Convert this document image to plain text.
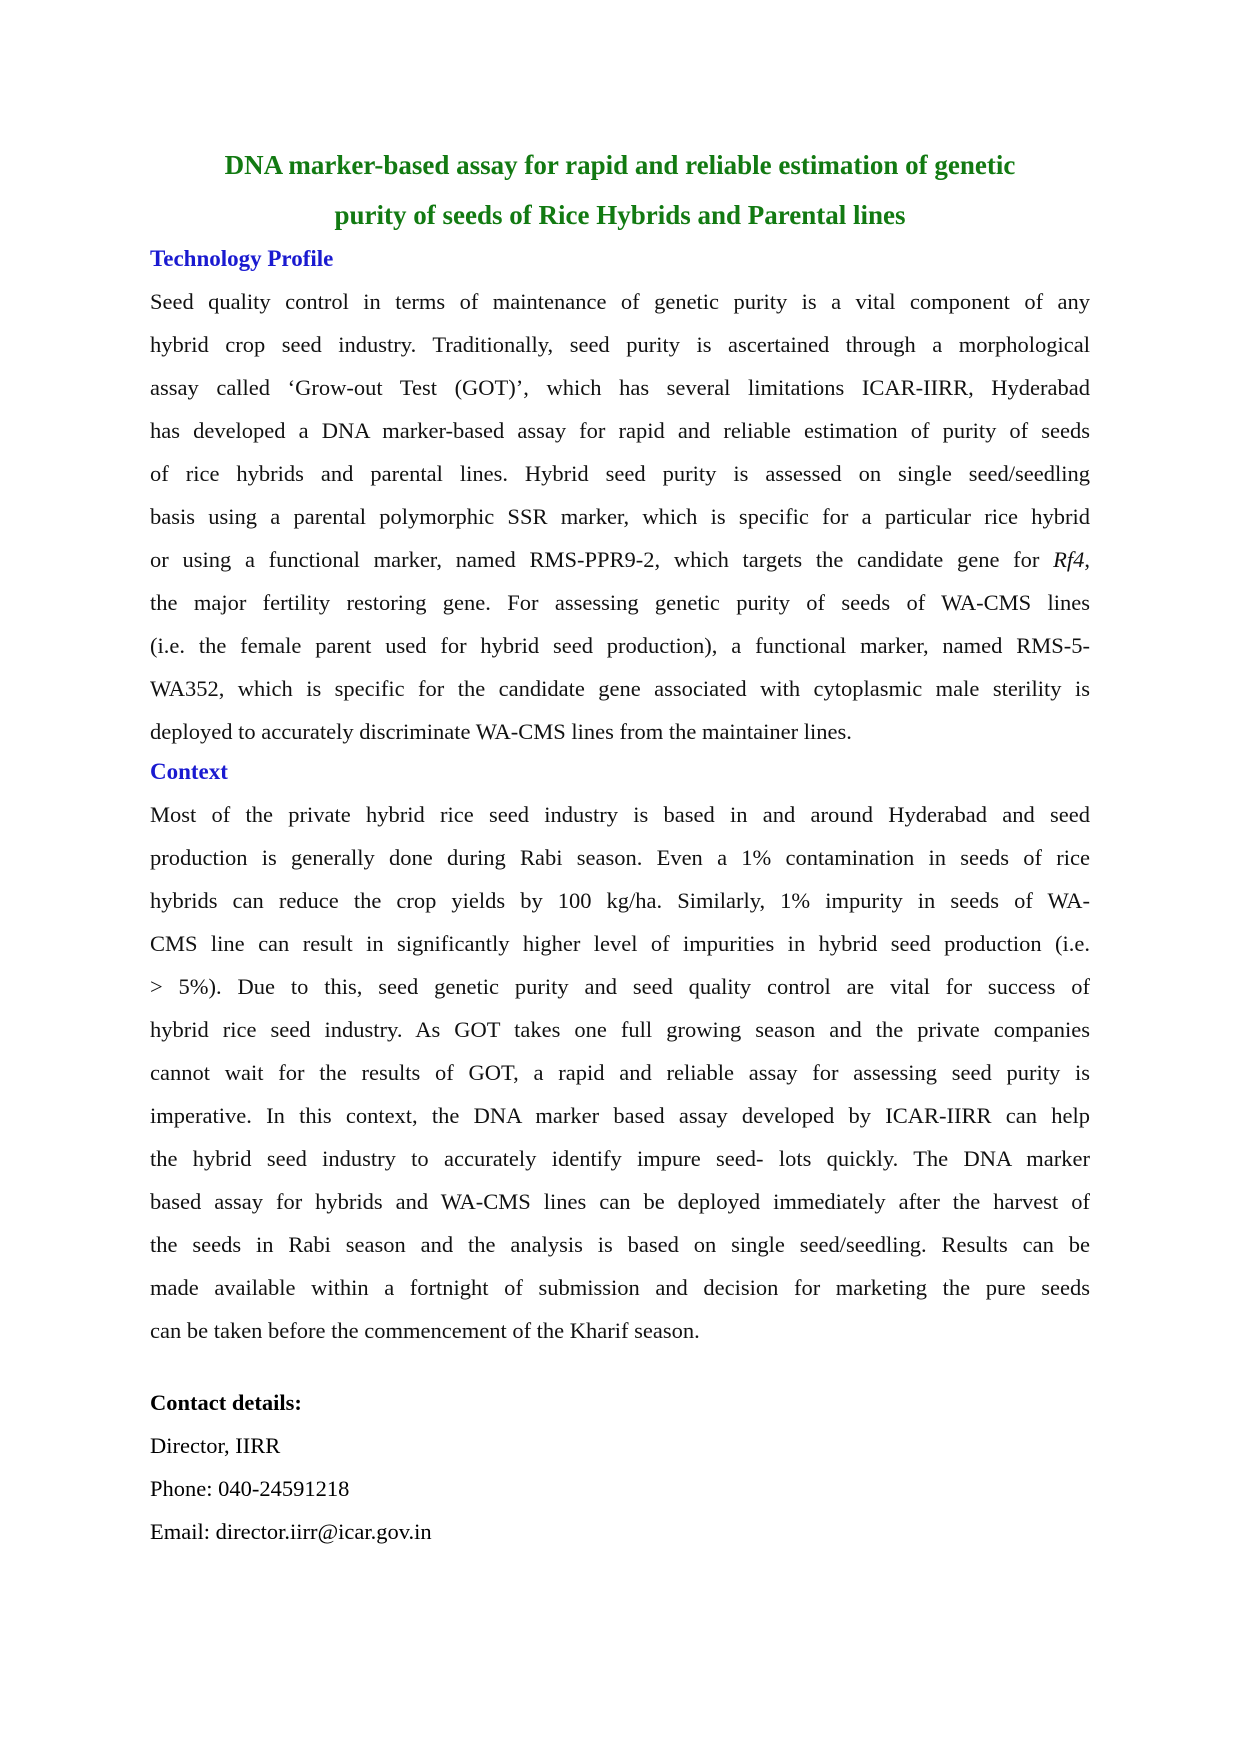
DNA marker-based assay for rapid and reliable estimation of genetic

purity of seeds of Rice Hybrids and Parental lines

Technology Profile

Seed quality control in terms of maintenance of genetic purity is a vital component of any
hybrid crop seed industry. Traditionally, seed purity is ascertained through a morphological
assay called ‘Grow-out Test (GOT)’, which has several limitations ICAR-IIRR, Hyderabad
has developed a DNA marker-based assay for rapid and reliable estimation of purity of seeds
of rice hybrids and parental lines. Hybrid seed purity is assessed on single seed/seedling
basis using a parental polymorphic SSR marker, which is specific for a particular rice hybrid
or using a functional marker, named RMS-PPR9-2, which targets the candidate gene for Rf4,
the major fertility restoring gene. For assessing genetic purity of seeds of WA-CMS lines
(i.e. the female parent used for hybrid seed production), a functional marker, named RMS-5-
WA352, which is specific for the candidate gene associated with cytoplasmic male sterility is
deployed to accurately discriminate WA-CMS lines from the maintainer lines.

Context

Most of the private hybrid rice seed industry is based in and around Hyderabad and seed
production is generally done during Rabi season. Even a 1% contamination in seeds of rice
hybrids can reduce the crop yields by 100 kg/ha. Similarly, 1% impurity in seeds of WA-
CMS line can result in significantly higher level of impurities in hybrid seed production (i.e.
> 5%). Due to this, seed genetic purity and seed quality control are vital for success of
hybrid rice seed industry. As GOT takes one full growing season and the private companies
cannot wait for the results of GOT, a rapid and reliable assay for assessing seed purity is
imperative. In this context, the DNA marker based assay developed by ICAR-IIRR can help
the hybrid seed industry to accurately identify impure seed- lots quickly. The DNA marker
based assay for hybrids and WA-CMS lines can be deployed immediately after the harvest of
the seeds in Rabi season and the analysis is based on single seed/seedling. Results can be
made available within a fortnight of submission and decision for marketing the pure seeds
can be taken before the commencement of the Kharif season.

Contact details:
Director, IIRR
Phone: 040-24591218
Email: director.iirr@icar.gov.in
